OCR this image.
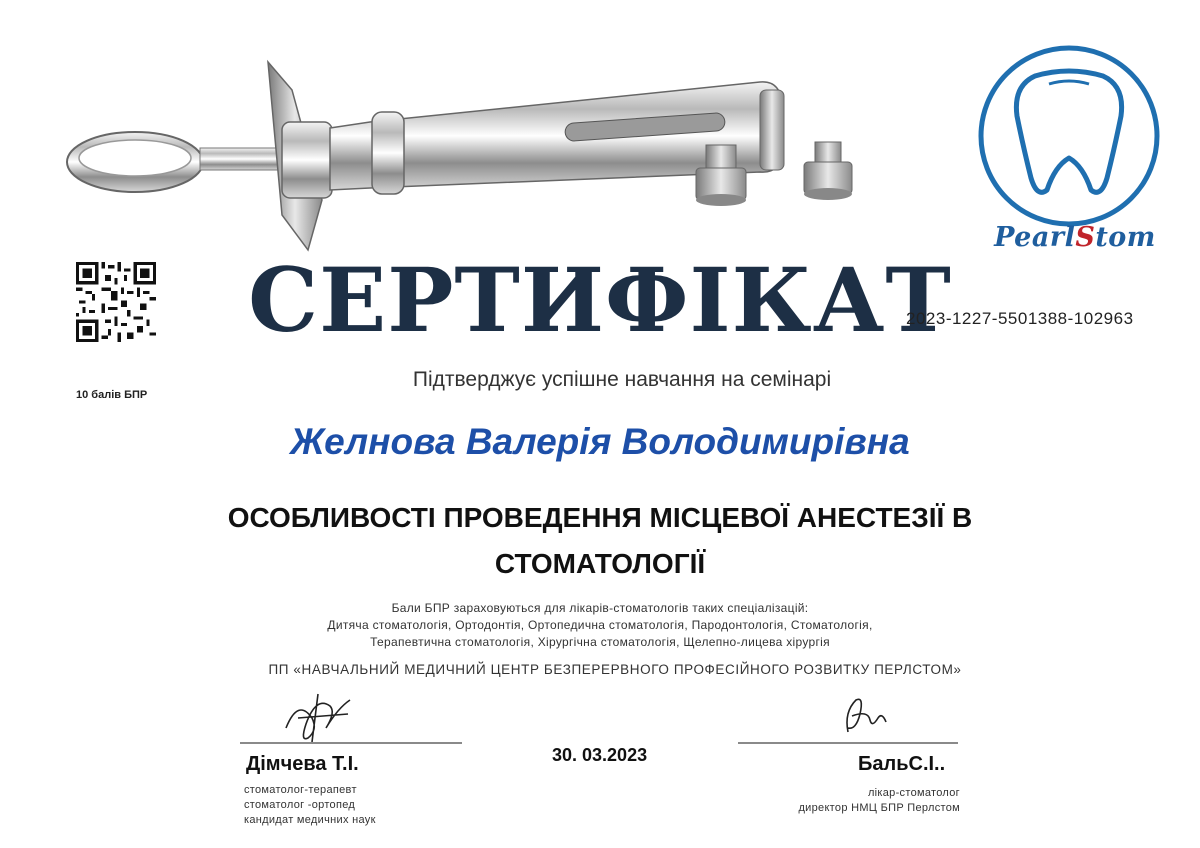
PearlStom
СЕРТИФІКАТ
2023-1227-5501388-102963
10 балів БПР
Підтверджує успішне навчання на семінарі
Желнова Валерія Володимирівна
ОСОБЛИВОСТІ ПРОВЕДЕННЯ МІСЦЕВОЇ АНЕСТЕЗІЇ В
СТОМАТОЛОГІЇ
Бали БПР зараховуються для лікарів-стоматологів таких спеціалізацій:
Дитяча стоматологія, Ортодонтія, Ортопедична стоматологія, Пародонтологія, Стоматологія,
Терапевтична стоматологія, Хірургічна стоматологія, Щелепно-лицева хірургія
ПП «НАВЧАЛЬНИЙ МЕДИЧНИЙ ЦЕНТР БЕЗПЕРЕРВНОГО ПРОФЕСІЙНОГО РОЗВИТКУ ПЕРЛСТОМ»
Дімчева Т.І.
стоматолог-терапевт
стоматолог -ортопед
кандидат медичних наук
30. 03.2023	БальС.І..
лікар-стоматолог
директор НМЦ БПР Перлстом
